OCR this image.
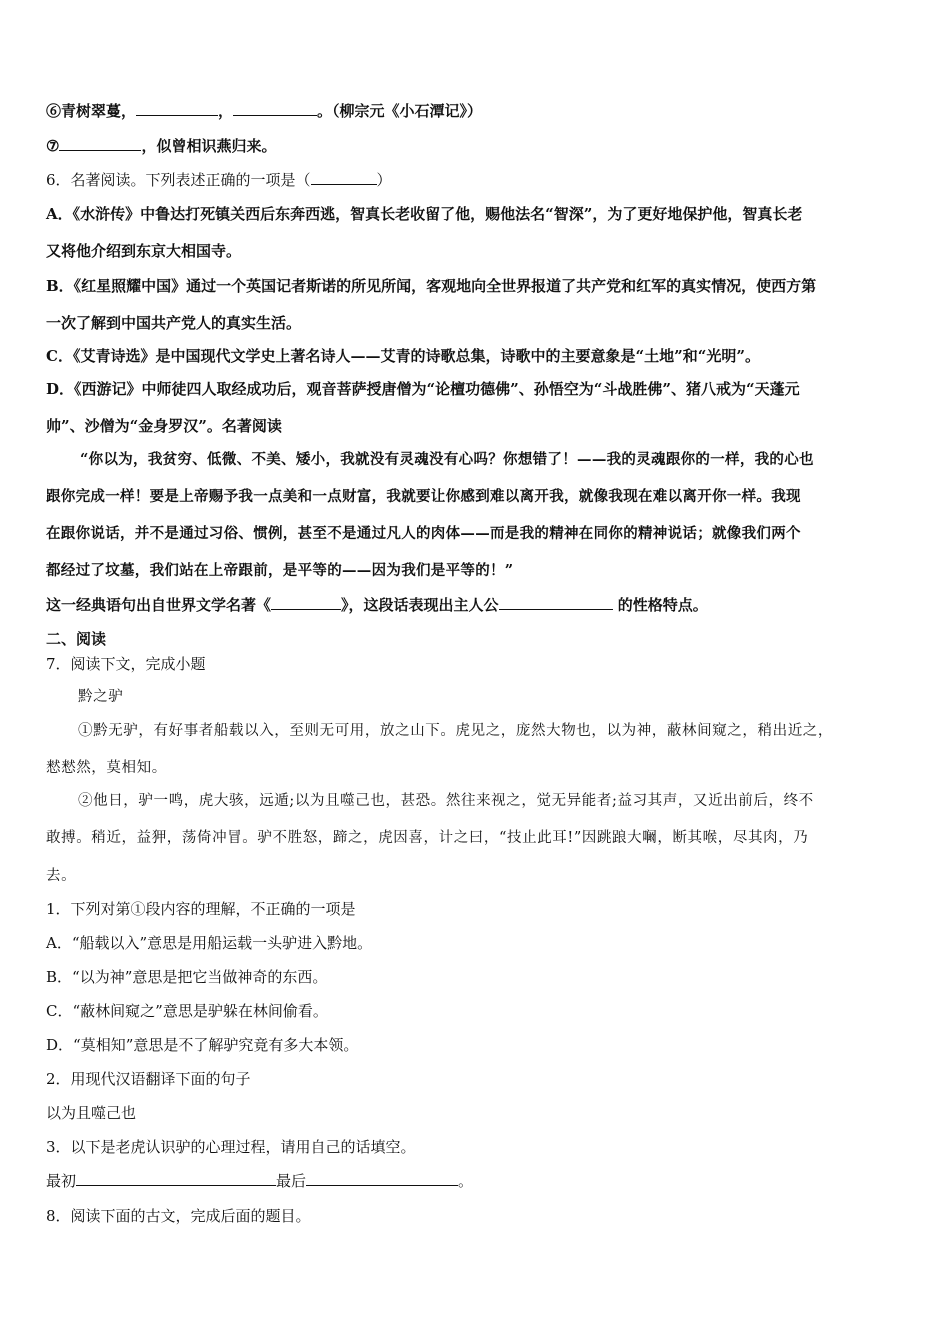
⑥青树翠蔓，	，	。（柳宗元《小石潭记》）
⑦	，似曾相识燕归来。
6．名著阅读。下列表述正确的一项是（	）
A．《水浒传》中鲁达打死镇关西后东奔西逃，智真长老收留了他，赐他法名“智深”，为了更好地保护他，智真长老
又将他介绍到东京大相国寺。
B．《红星照耀中国》通过一个英国记者斯诺的所见所闻，客观地向全世界报道了共产党和红军的真实情况，使西方第
一次了解到中国共产党人的真实生活。
C．《艾青诗选》是中国现代文学史上著名诗人——艾青的诗歌总集，诗歌中的主要意象是“土地”和“光明”。
D．《西游记》中师徒四人取经成功后，观音菩萨授唐僧为“论檀功德佛”、孙悟空为“斗战胜佛”、猪八戒为“天蓬元
帅”、沙僧为“金身罗汉”。名著阅读
“你以为，我贫穷、低微、不美、矮小，我就没有灵魂没有心吗？你想错了！——我的灵魂跟你的一样，我的心也
跟你完成一样！要是上帝赐予我一点美和一点财富，我就要让你感到难以离开我，就像我现在难以离开你一样。我现
在跟你说话，并不是通过习俗、惯例，甚至不是通过凡人的肉体——而是我的精神在同你的精神说话；就像我们两个
都经过了坟墓，我们站在上帝跟前，是平等的——因为我们是平等的！”
这一经典语句出自世界文学名著《	》，这段话表现出主人公	的性格特点。
二、阅读
7．阅读下文，完成小题
黔之驴
①黔无驴，有好事者船载以入，至则无可用，放之山下。虎见之，庞然大物也，以为神，蔽林间窥之，稍出近之，
慭慭然，莫相知。
②他日，驴一鸣，虎大骇，远遁;以为且噬己也，甚恐。然往来视之，觉无异能者;益习其声，又近出前后，终不
敢搏。稍近，益狎，荡倚冲冒。驴不胜怒，蹄之，虎因喜，计之曰，“技止此耳!”因跳踉大㘎，断其喉，尽其肉，乃
去。
1．下列对第①段内容的理解，不正确的一项是
A．“船载以入”意思是用船运载一头驴进入黔地。
B．“以为神”意思是把它当做神奇的东西。
C．“蔽林间窥之”意思是驴躲在林间偷看。
D．“莫相知”意思是不了解驴究竟有多大本领。
2．用现代汉语翻译下面的句子
以为且噬己也
3．以下是老虎认识驴的心理过程，请用自己的话填空。
最初	最后	。
8．阅读下面的古文，完成后面的题目。
